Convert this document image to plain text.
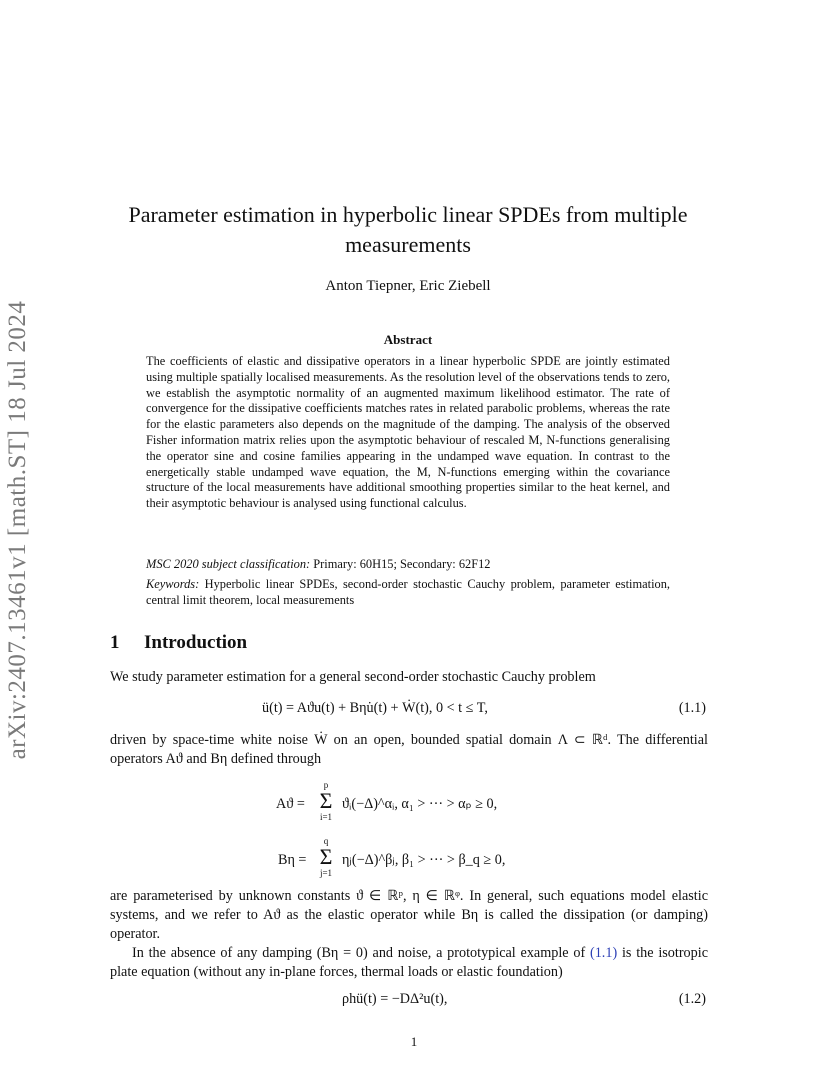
arXiv:2407.13461v1 [math.ST] 18 Jul 2024
Parameter estimation in hyperbolic linear SPDEs from multiple measurements
Anton Tiepner, Eric Ziebell
Abstract
The coefficients of elastic and dissipative operators in a linear hyperbolic SPDE are jointly estimated using multiple spatially localised measurements. As the resolution level of the observations tends to zero, we establish the asymptotic normality of an augmented maximum likelihood estimator. The rate of convergence for the dissipative coefficients matches rates in related parabolic problems, whereas the rate for the elastic parameters also depends on the magnitude of the damping. The analysis of the observed Fisher information matrix relies upon the asymptotic behaviour of rescaled M, N-functions generalising the operator sine and cosine families appearing in the undamped wave equation. In contrast to the energetically stable undamped wave equation, the M, N-functions emerging within the covariance structure of the local measurements have additional smoothing properties similar to the heat kernel, and their asymptotic behaviour is analysed using functional calculus.
MSC 2020 subject classification: Primary: 60H15; Secondary: 62F12
Keywords: Hyperbolic linear SPDEs, second-order stochastic Cauchy problem, parameter estimation, central limit theorem, local measurements
1 Introduction
We study parameter estimation for a general second-order stochastic Cauchy problem
ü(t) = Aϑu(t) + Bηu̇(t) + Ẇ(t), 0 < t ≤ T,	(1.1)
driven by space-time white noise Ẇ on an open, bounded spatial domain Λ ⊂ ℝᵈ. The differential operators Aϑ and Bη defined through
Aϑ =
p
Σ
i=1
ϑᵢ(−Δ)^αᵢ, α₁ > ··· > αₚ ≥ 0,
Bη =
q
Σ
j=1
ηⱼ(−Δ)^βⱼ, β₁ > ··· > β_q ≥ 0,
are parameterised by unknown constants ϑ ∈ ℝᵖ, η ∈ ℝᵠ. In general, such equations model elastic systems, and we refer to Aϑ as the elastic operator while Bη is called the dissipation (or damping) operator.
In the absence of any damping (Bη = 0) and noise, a prototypical example of (1.1) is the isotropic plate equation (without any in-plane forces, thermal loads or elastic foundation)
ρhü(t) = −DΔ²u(t),	(1.2)
1
